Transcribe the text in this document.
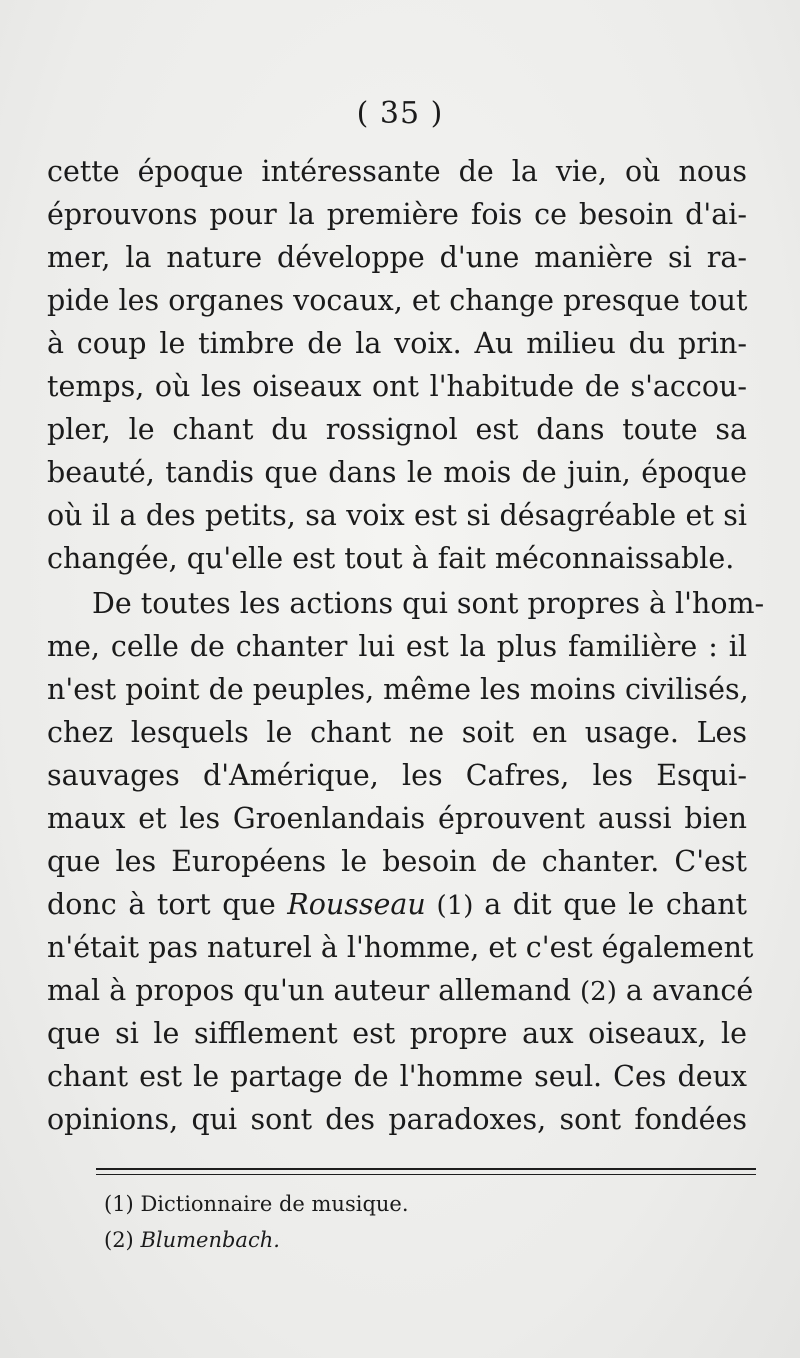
( 35 )
cette époque intéressante de la vie, où nous
éprouvons pour la première fois ce besoin d'ai-
mer, la nature développe d'une manière si ra-
pide les organes vocaux, et change presque tout
à coup le timbre de la voix. Au milieu du prin-
temps, où les oiseaux ont l'habitude de s'accou-
pler, le chant du rossignol est dans toute sa
beauté, tandis que dans le mois de juin, époque
où il a des petits, sa voix est si désagréable et si
changée, qu'elle est tout à fait méconnaissable.
De toutes les actions qui sont propres à l'hom-
me, celle de chanter lui est la plus familière : il
n'est point de peuples, même les moins civilisés,
chez lesquels le chant ne soit en usage. Les
sauvages d'Amérique, les Cafres, les Esqui-
maux et les Groenlandais éprouvent aussi bien
que les Européens le besoin de chanter. C'est
donc à tort que Rousseau (1) a dit que le chant
n'était pas naturel à l'homme, et c'est également
mal à propos qu'un auteur allemand (2) a avancé
que si le sifflement est propre aux oiseaux, le
chant est le partage de l'homme seul. Ces deux
opinions, qui sont des paradoxes, sont fondées
(1) Dictionnaire de musique.
(2) Blumenbach.
